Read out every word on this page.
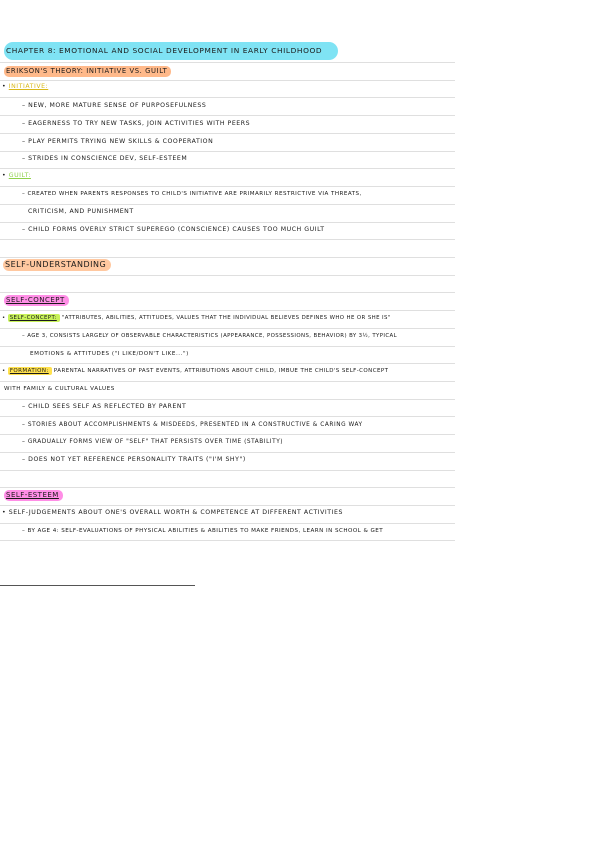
CHAPTER 8: EMOTIONAL AND SOCIAL DEVELOPMENT IN EARLY CHILDHOOD
ERIKSON'S THEORY: INITIATIVE VS. GUILT
• INITIATIVE:
– NEW, MORE MATURE SENSE OF PURPOSEFULNESS
– EAGERNESS TO TRY NEW TASKS, JOIN ACTIVITIES WITH PEERS
– PLAY PERMITS TRYING NEW SKILLS & COOPERATION
– STRIDES IN CONSCIENCE DEV, SELF-ESTEEM
• GUILT:
– CREATED WHEN PARENTS RESPONSES TO CHILD'S INITIATIVE ARE PRIMARILY RESTRICTIVE VIA THREATS,
CRITICISM, AND PUNISHMENT
– CHILD FORMS OVERLY STRICT SUPEREGO (CONSCIENCE) CAUSES TOO MUCH GUILT
SELF-UNDERSTANDING
SELF-CONCEPT
• SELF-CONCEPT: "ATTRIBUTES, ABILITIES, ATTITUDES, VALUES THAT THE INDIVIDUAL BELIEVES DEFINES WHO HE OR SHE IS"
– AGE 3, CONSISTS LARGELY OF OBSERVABLE CHARACTERISTICS (APPEARANCE, POSSESSIONS, BEHAVIOR) BY 3½, TYPICAL
EMOTIONS & ATTITUDES ("I LIKE/DON'T LIKE...")
• FORMATION: PARENTAL NARRATIVES OF PAST EVENTS, ATTRIBUTIONS ABOUT CHILD, IMBUE THE CHILD'S SELF-CONCEPT
WITH FAMILY & CULTURAL VALUES
– CHILD SEES SELF AS REFLECTED BY PARENT
– STORIES ABOUT ACCOMPLISHMENTS & MISDEEDS, PRESENTED IN A CONSTRUCTIVE & CARING WAY
– GRADUALLY FORMS VIEW OF "SELF" THAT PERSISTS OVER TIME (STABILITY)
– DOES NOT YET REFERENCE PERSONALITY TRAITS ("I'M SHY")
SELF-ESTEEM
• SELF-JUDGEMENTS ABOUT ONE'S OVERALL WORTH & COMPETENCE AT DIFFERENT ACTIVITIES
– BY AGE 4: SELF-EVALUATIONS OF PHYSICAL ABILITIES & ABILITIES TO MAKE FRIENDS, LEARN IN SCHOOL & GET
